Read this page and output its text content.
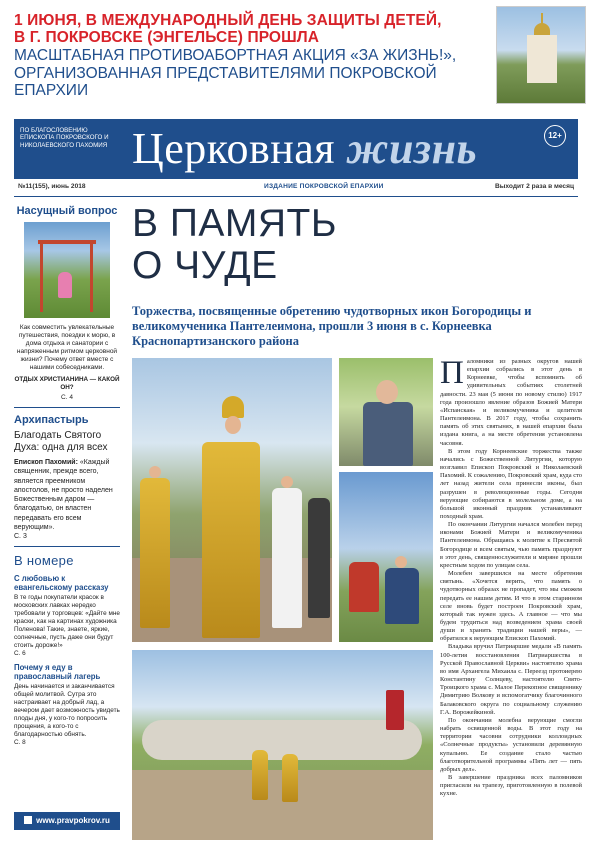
1 ИЮНЯ, В МЕЖДУНАРОДНЫЙ ДЕНЬ ЗАЩИТЫ ДЕТЕЙ,
В Г. ПОКРОВСКЕ (ЭНГЕЛЬСЕ) ПРОШЛА
МАСШТАБНАЯ ПРОТИВОАБОРТНАЯ АКЦИЯ «ЗА ЖИЗНЬ!»,
ОРГАНИЗОВАННАЯ ПРЕДСТАВИТЕЛЯМИ ПОКРОВСКОЙ ЕПАРХИИ
ПО БЛАГОСЛОВЕНИЮ ЕПИСКОПА ПОКРОВСКОГО И НИКОЛАЕВСКОГО ПАХОМИЯ Церковная жизнь	12+
№11(155), июнь 2018	ИЗДАНИЕ ПОКРОВСКОЙ ЕПАРХИИ	Выходит 2 раза в месяц
Насущный вопрос
Как совместить увлекательные путешествия, поездки к морю, в дома отдыха и санатории с напряженным ритмом церковной жизни? Почему ответ вместе с нашими собеседниками.
ОТДЫХ ХРИСТИАНИНА — КАКОЙ ОН?
С. 4
Архипастырь
Благодать Святого Духа: одна для всех
Епископ Пахомий: «Каждый священник, прежде всего, является преемником апостолов, не просто наделен Божественным даром — благодатью, он властен передавать его всем верующим».
С. 3
В номере
С любовью к евангельскому рассказу
В те годы покупатели красок в московских лавках нередко требовали у торговцев: «Дайте мне краски, как на картинах художника Поленова! Такие, знаете, яркие, солнечные, пусть даже они будут стоить дороже!»
С. 6
Почему я еду в православный лагерь
День начинается и заканчивается общей молитвой. Сутра это настраивает на добрый лад, а вечером дает возможность увидеть плоды дня, у кого-то попросить прощения, а кого-то с благодарностью обнять.
С. 8
www.pravpokrov.ru
В ПАМЯТЬ
О ЧУДЕ
Торжества, посвященные обретению чудотворных икон Богородицы и великомученика Пантелеимона, прошли 3 июня в с. Корнеевка Краснопартизанского района

Паломники из разных округов нашей епархии собрались в этот день в Корнеевке, чтобы вспомнить об удивительных событиях столетней давности. 23 мая (5 июня по новому стилю) 1917 года произошло явление образов Божией Матери «Испанская» и великомученика и целителя Пантелеимона. В 2017 году, чтобы сохранить память об этих святынях, в нашей епархии была издана книга, а на месте обретения установлена часовня.

В этом году Корнеевские торжества также начались с Божественной Литургии, которую возглавил Епископ Покровский и Николаевский Пахомий. К сожалению, Покровский храм, куда сто лет назад жители села принесли иконы, был разрушен в революционные годы. Сегодня верующие собираются в молельном доме, а на большой иконный праздник устанавливают походный храм.

По окончании Литургии начался молебен перед иконами Божией Матери и великомученика Пантелеимона. Обращаясь к молитве к Пресвятой Богородице и всем святым, чью память празднуют в этот день, священнослужители и миряне прошли крестным ходом по улицам села.

Молебен завершился на месте обретения святынь. «Хочется верить, что память о чудотворных образах не пропадет, что мы сможем передать ее нашим детям. И что в этом старинном селе вновь будет построен Покровский храм, который так нужен здесь. А главное — что мы будем трудиться над возведением храма своей души и хранить традиции нашей веры», — обратился к верующим Епископ Пахомий.

Владыка вручил Патриаршие медали «В память 100-летия восстановления Патриаршества в Русской Православной Церкви» настоятелю храма во имя Архангела Михаила с. Переезд протоиерею Константину Солнцеву, настоятелю Свято-Троицкого храма с. Малое Перекопное священнику Димитрию Волкову и вспомогатчику благочинного Балаковского округа по социальному служению Г.А. Ворожейкиной.

По окончании молебна верующие смогли набрать освященной воды. В этот году на территории часовни сотрудники коллоидных «Солнечные продукты» установили деревянную купальню. Ее создание стало частью благотворительной программы «Пять лет — пять добрых дел».

В завершение праздника всех паломников пригласили на трапезу, приготовленную в полевой кухне.
